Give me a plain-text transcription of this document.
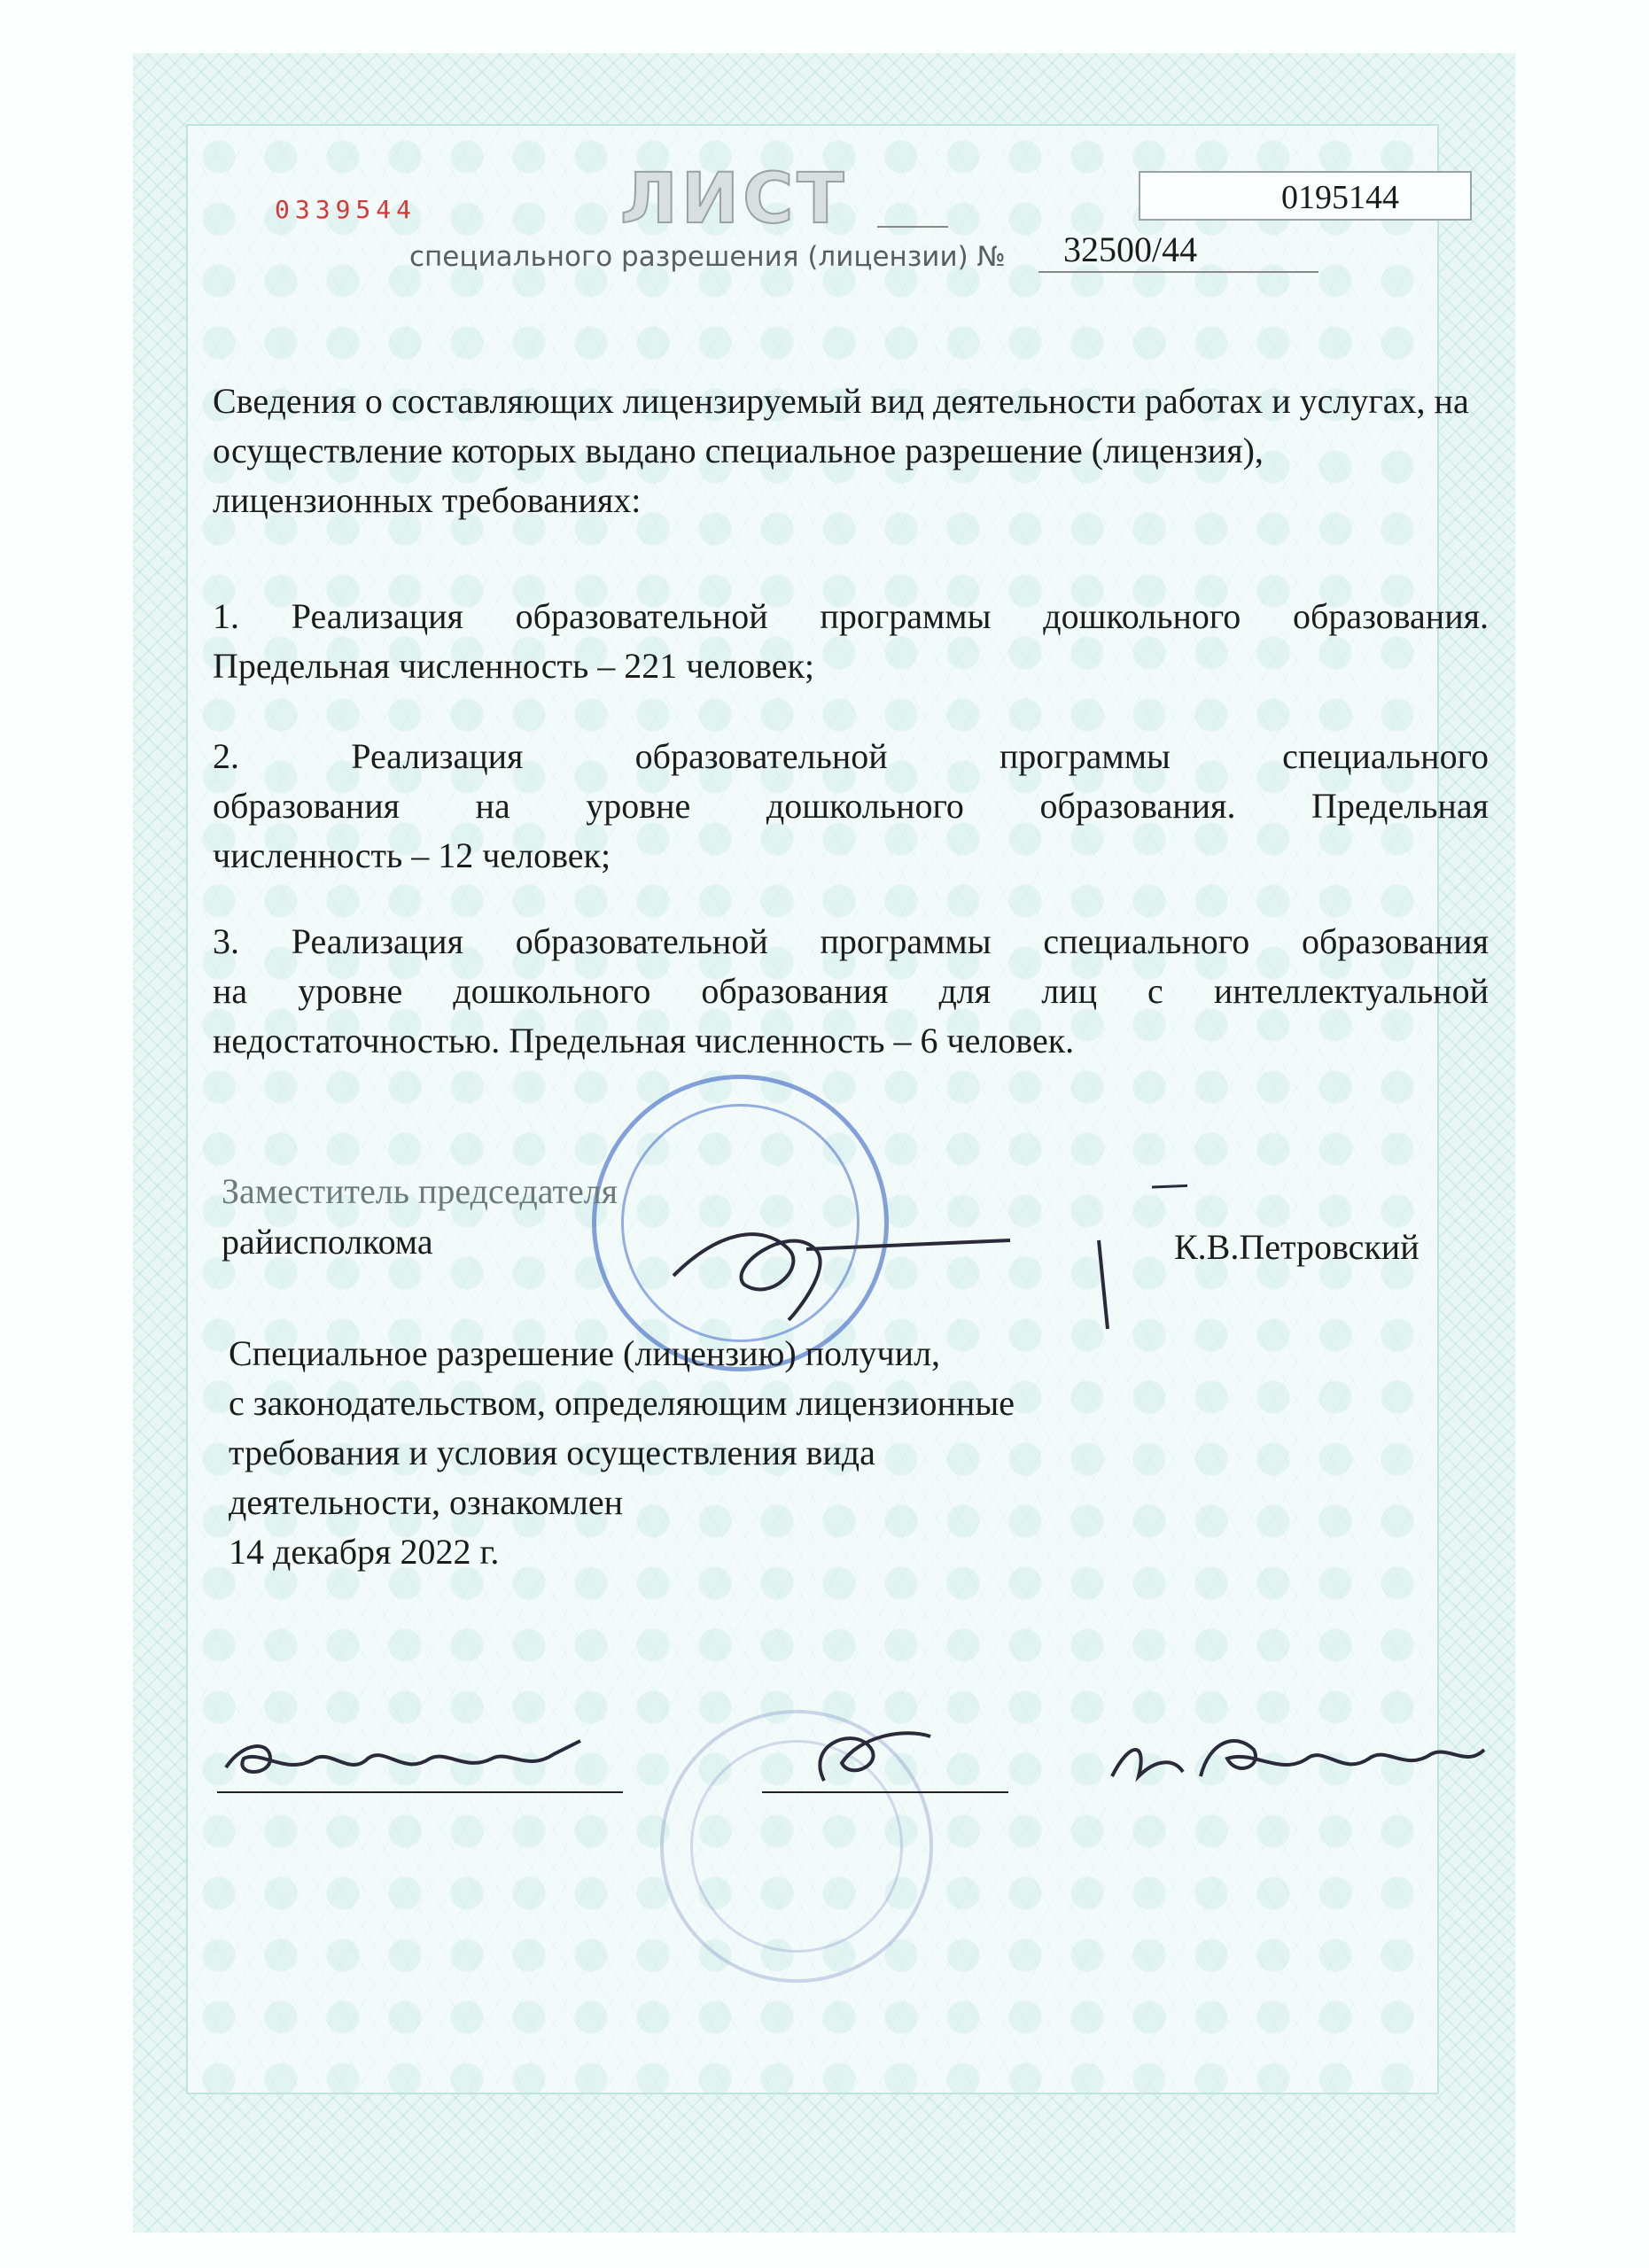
0339544	ЛИСТ	0195144
специального разрешения (лицензии) № 32500/44
Сведения о составляющих лицензируемый вид деятельности работах и услугах, на осуществление которых выдано специальное разрешение (лицензия), лицензионных требованиях:
1. Реализация образовательной программы дошкольного образования.
Предельная численность – 221 человек;
2. Реализация образовательной программы специального
образования на уровне дошкольного образования. Предельная
численность – 12 человек;
3. Реализация образовательной программы специального образования
на уровне дошкольного образования для лиц с интеллектуальной
недостаточностью. Предельная численность – 6 человек.
Заместитель председателя
райисполкома	К.В.Петровский
Специальное разрешение (лицензию) получил,
с законодательством, определяющим лицензионные
требования и условия осуществления вида
деятельности, ознакомлен
14 декабря 2022 г.
